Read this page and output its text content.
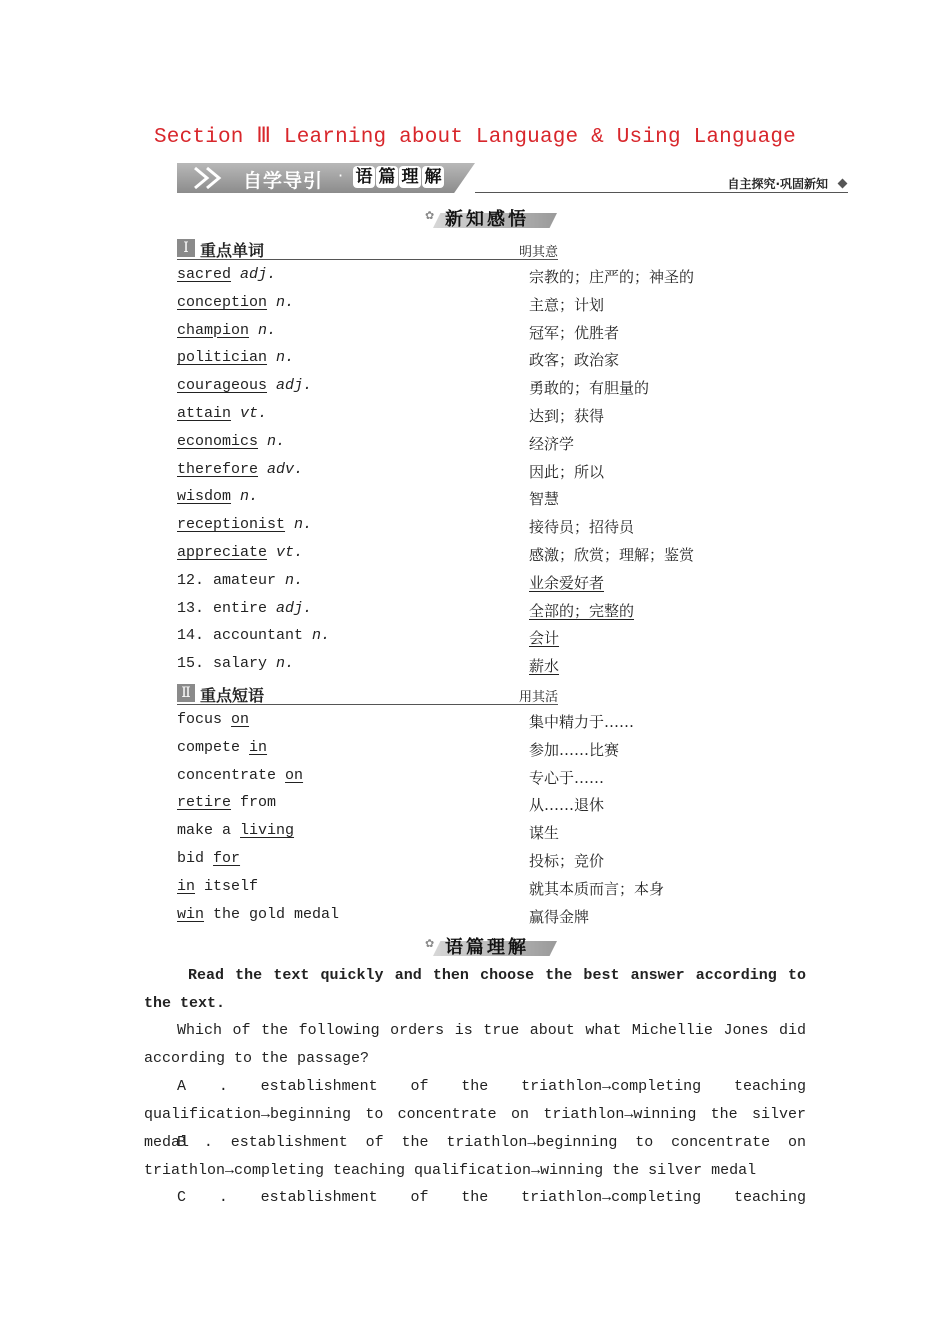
Section Ⅲ Learning about Language & Using Language
自学导引 · 语 篇 理 解	自主探究·巩固新知
✿ 新知感悟
Ⅰ 重点单词	明其意
sacred adj.	宗教的；庄严的；神圣的
conception n.	主意；计划
champion n.	冠军；优胜者
politician n.	政客；政治家
courageous adj.	勇敢的；有胆量的
attain vt.	达到；获得
economics n.	经济学
therefore adv.	因此；所以
wisdom n.	智慧
receptionist n.	接待员；招待员
appreciate vt.	感激；欣赏；理解；鉴赏
12. amateur n.	业余爱好者
13. entire adj.	全部的；完整的
14. accountant n.	会计
15. salary n.	薪水
Ⅱ 重点短语	用其活
focus on	集中精力于……
compete in	参加……比赛
concentrate on	专心于……
retire from	从……退休
make a living	谋生
bid for	投标；竞价
in itself	就其本质而言；本身
win the gold medal	赢得金牌
✿ 语篇理解
Read the text quickly and then choose the best answer according to the text.
Which of the following orders is true about what Michellie Jones did according to the passage?
A . establishment of the triathlon→completing teaching qualification→beginning to concentrate on triathlon→winning the silver medal
B . establishment of the triathlon→beginning to concentrate on triathlon→completing teaching qualification→winning the silver medal
C . establishment of the triathlon→completing teaching
